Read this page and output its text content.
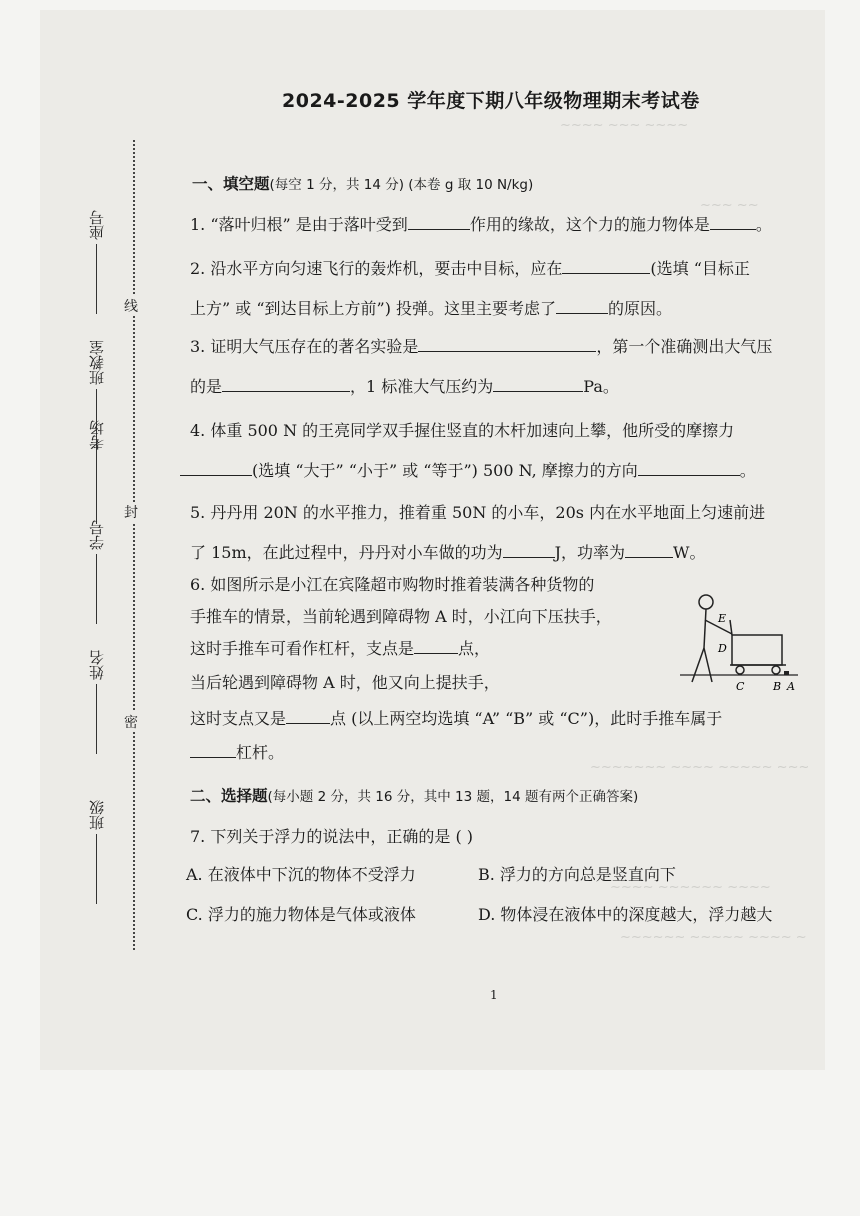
~~~~ ~~~ ~~~~
~~~ ~~
~~~~~~~ ~~~~ ~~~~~ ~~~
~~~~ ~~~~~~ ~~~~
~~~~~~ ~~~~~ ~~~~ ~
座号
班教室
考场
学号
姓名
班级
线
封
密
2024-2025 学年度下期八年级物理期末考试卷
一、填空题(每空 1 分，共 14 分) (本卷 g 取 10 N/kg)
1. “落叶归根” 是由于落叶受到	作用的缘故，这个力的施力物体是	。
2. 沿水平方向匀速飞行的轰炸机，要击中目标，应在	(选填 “目标正
上方” 或 “到达目标上方前”) 投弹。这里主要考虑了	的原因。
3. 证明大气压存在的著名实验是	，第一个准确测出大气压
的是	，1 标准大气压约为	Pa。
4. 体重 500 N 的王亮同学双手握住竖直的木杆加速向上攀，他所受的摩擦力
(选填 “大于” “小于” 或 “等于”) 500 N, 摩擦力的方向	。
5. 丹丹用 20N 的水平推力，推着重 50N 的小车，20s 内在水平地面上匀速前进
了 15m，在此过程中，丹丹对小车做的功为	J，功率为	W。
6. 如图所示是小江在宾隆超市购物时推着装满各种货物的
手推车的情景，当前轮遇到障碍物 A 时，小江向下压扶手，
这时手推车可看作杠杆，支点是	点，
当后轮遇到障碍物 A 时，他又向上提扶手，
这时支点又是	点 (以上两空均选填 “A” “B” 或 “C”)，此时手推车属于
杠杆。
E
D
C	B A
二、选择题(每小题 2 分，共 16 分，其中 13 题，14 题有两个正确答案)
7. 下列关于浮力的说法中，正确的是 ( )
A. 在液体中下沉的物体不受浮力	B. 浮力的方向总是竖直向下
C. 浮力的施力物体是气体或液体	D. 物体浸在液体中的深度越大，浮力越大
1
